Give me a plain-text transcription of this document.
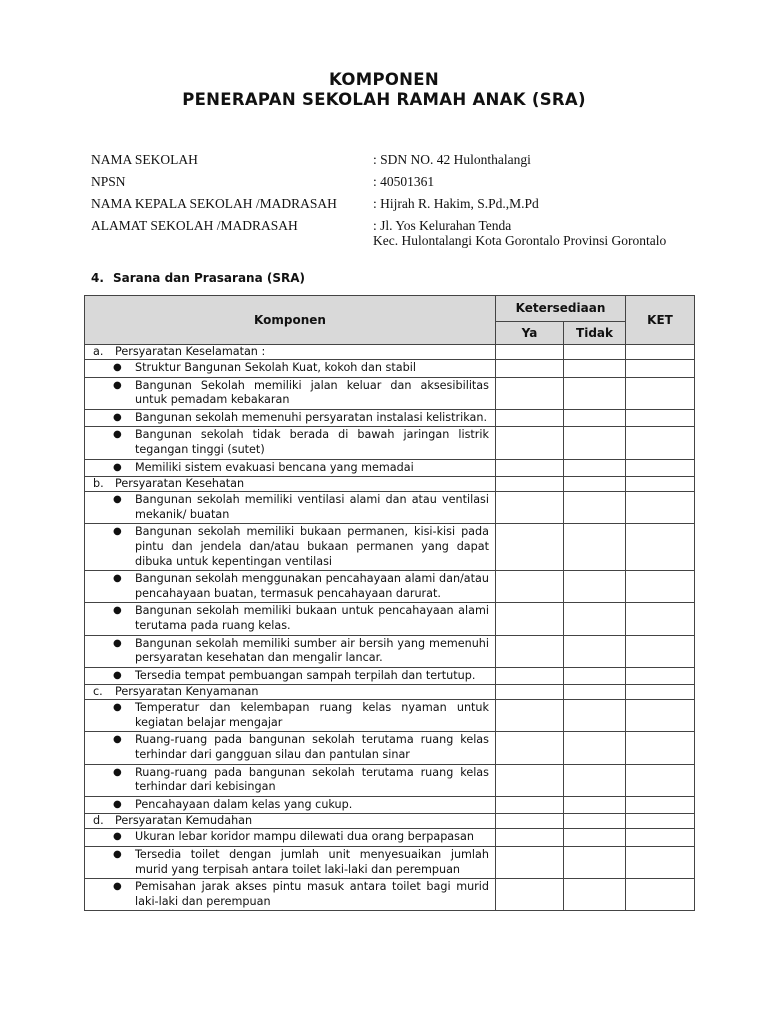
KOMPONEN
PENERAPAN SEKOLAH RAMAH ANAK (SRA)
NAMA SEKOLAH	: SDN NO. 42 Hulonthalangi
NPSN	: 40501361
NAMA KEPALA SEKOLAH /MADRASAH	: Hijrah R. Hakim, S.Pd.,M.Pd
ALAMAT SEKOLAH /MADRASAH	: Jl. Yos Kelurahan Tenda
Kec. Hulontalangi Kota Gorontalo Provinsi Gorontalo
4. Sarana dan Prasarana (SRA)
Komponen	Ketersediaan		KET
	Ya	Tidak	

a. Persyaratan Keselamatan :			

● Struktur Bangunan Sekolah Kuat, kokoh dan stabil			

● Bangunan Sekolah memiliki jalan keluar dan aksesibilitas untuk pemadam kebakaran			

● Bangunan sekolah memenuhi persyaratan instalasi kelistrikan.			

● Bangunan sekolah tidak berada di bawah jaringan listrik tegangan tinggi (sutet)			

● Memiliki sistem evakuasi bencana yang memadai			

b. Persyaratan Kesehatan			

● Bangunan sekolah memiliki ventilasi alami dan atau ventilasi mekanik/ buatan			

● Bangunan sekolah memiliki bukaan permanen, kisi-kisi pada pintu dan jendela dan/atau bukaan permanen yang dapat dibuka untuk kepentingan ventilasi			

● Bangunan sekolah menggunakan pencahayaan alami dan/atau pencahayaan buatan, termasuk pencahayaan darurat.			

● Bangunan sekolah memiliki bukaan untuk pencahayaan alami terutama pada ruang kelas.			

● Bangunan sekolah memiliki sumber air bersih yang memenuhi persyaratan kesehatan dan mengalir lancar.			

● Tersedia tempat pembuangan sampah terpilah dan tertutup.			

c. Persyaratan Kenyamanan			

● Temperatur dan kelembapan ruang kelas nyaman untuk kegiatan belajar mengajar			

● Ruang-ruang pada bangunan sekolah terutama ruang kelas terhindar dari gangguan silau dan pantulan sinar			

● Ruang-ruang pada bangunan sekolah terutama ruang kelas terhindar dari kebisingan			

● Pencahayaan dalam kelas yang cukup.			

d. Persyaratan Kemudahan			

● Ukuran lebar koridor mampu dilewati dua orang berpapasan			

● Tersedia toilet dengan jumlah unit menyesuaikan jumlah murid yang terpisah antara toilet laki-laki dan perempuan			

● Pemisahan jarak akses pintu masuk antara toilet bagi murid laki-laki dan perempuan			
